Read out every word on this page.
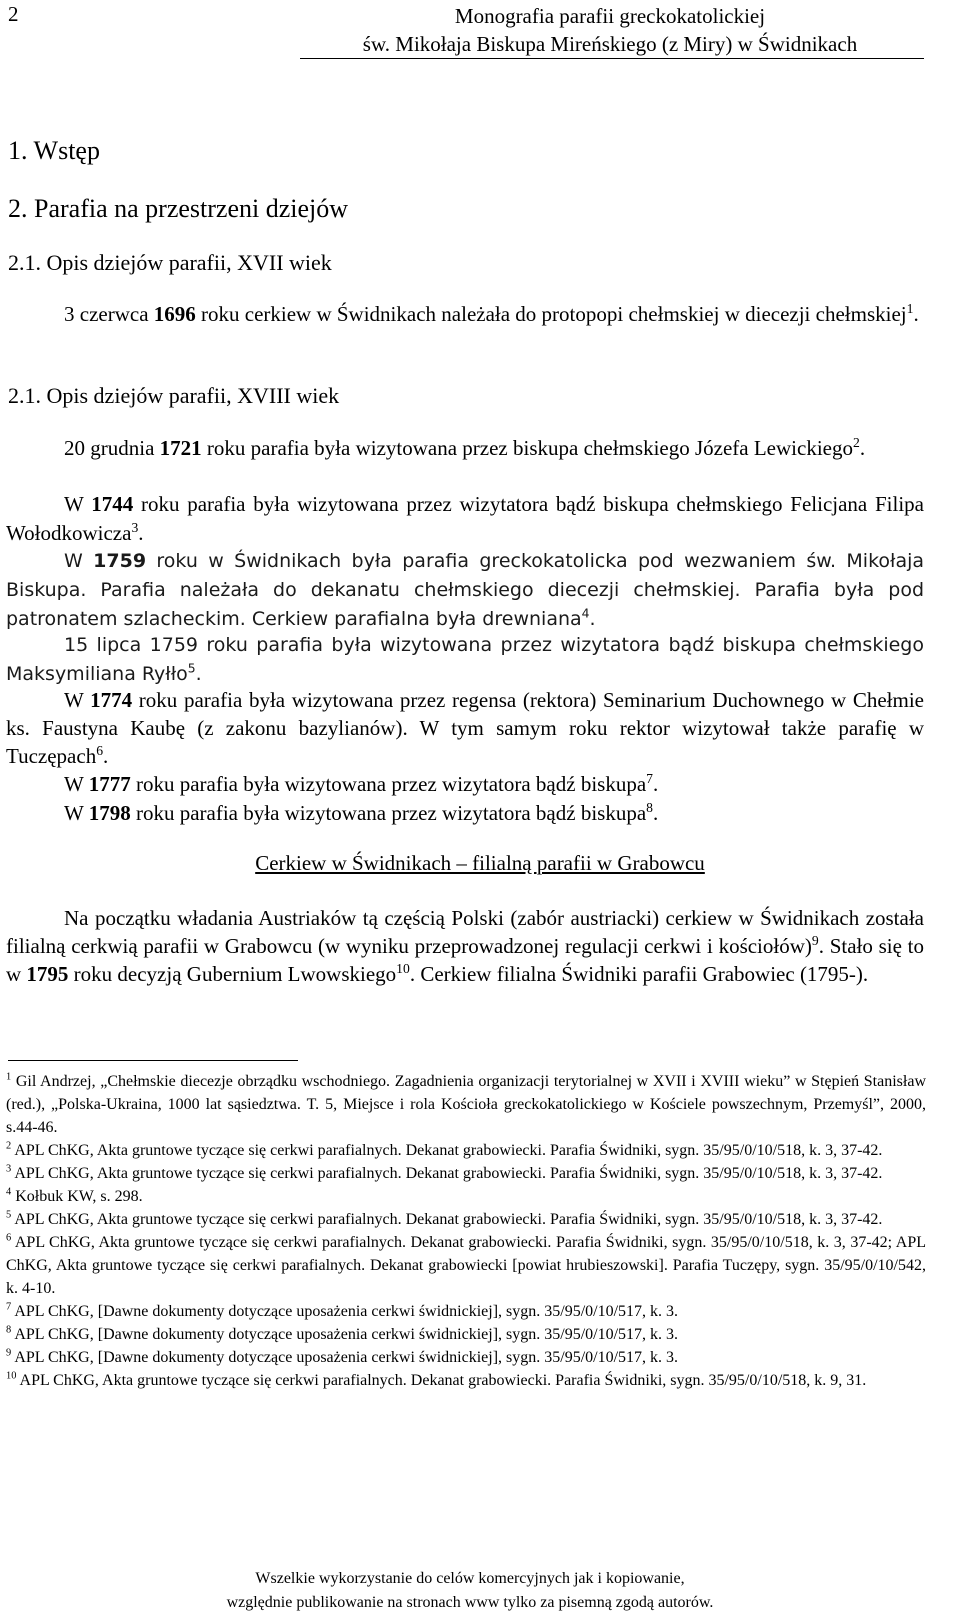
2	Monografia parafii greckokatolickiej
św. Mikołaja Biskupa Mireńskiego (z Miry) w Świdnikach
1. Wstęp
2. Parafia na przestrzeni dziejów
2.1. Opis dziejów parafii, XVII wiek
3 czerwca 1696 roku cerkiew w Świdnikach należała do protopopi chełmskiej w diecezji chełmskiej$^1$.
2.1. Opis dziejów parafii, XVIII wiek
20 grudnia 1721 roku parafia była wizytowana przez biskupa chełmskiego Józefa Lewickiego$^2$.
W 1744 roku parafia była wizytowana przez wizytatora bądź biskupa chełmskiego Felicjana Filipa Wołodkowicza$^3$.
W 1759 roku w Świdnikach była parafia greckokatolicka pod wezwaniem św. Mikołaja Biskupa. Parafia należała do dekanatu chełmskiego diecezji chełmskiej. Parafia była pod patronatem szlacheckim. Cerkiew parafialna była drewniana$^4$.
15 lipca 1759 roku parafia była wizytowana przez wizytatora bądź biskupa chełmskiego Maksymiliana Ryłło$^5$.
W 1774 roku parafia była wizytowana przez regensa (rektora) Seminarium Duchownego w Chełmie ks. Faustyna Kaubę (z zakonu bazylianów). W tym samym roku rektor wizytował także parafię w Tuczępach$^6$.
W 1777 roku parafia była wizytowana przez wizytatora bądź biskupa$^7$.
W 1798 roku parafia była wizytowana przez wizytatora bądź biskupa$^8$.
Cerkiew w Świdnikach – filialną parafii w Grabowcu
Na początku władania Austriaków tą częścią Polski (zabór austriacki) cerkiew w Świdnikach została filialną cerkwią parafii w Grabowcu (w wyniku przeprowadzonej regulacji cerkwi i kościołów)$^9$. Stało się to w 1795 roku decyzją Gubernium Lwowskiego$^{10}$. Cerkiew filialna Świdniki parafii Grabowiec (1795-).

$^1$ Gil Andrzej, „Chełmskie diecezje obrządku wschodniego. Zagadnienia organizacji terytorialnej w XVII i XVIII wieku” w Stępień Stanisław (red.), „Polska-Ukraina, 1000 lat sąsiedztwa. T. 5, Miejsce i rola Kościoła greckokatolickiego w Kościele powszechnym, Przemyśl”, 2000, s.44-46.

$^2$ APL ChKG, Akta gruntowe tyczące się cerkwi parafialnych. Dekanat grabowiecki. Parafia Świdniki, sygn. 35/95/0/10/518, k. 3, 37-42.

$^3$ APL ChKG, Akta gruntowe tyczące się cerkwi parafialnych. Dekanat grabowiecki. Parafia Świdniki, sygn. 35/95/0/10/518, k. 3, 37-42.

$^4$ Kołbuk KW, s. 298.

$^5$ APL ChKG, Akta gruntowe tyczące się cerkwi parafialnych. Dekanat grabowiecki. Parafia Świdniki, sygn. 35/95/0/10/518, k. 3, 37-42.

$^6$ APL ChKG, Akta gruntowe tyczące się cerkwi parafialnych. Dekanat grabowiecki. Parafia Świdniki, sygn. 35/95/0/10/518, k. 3, 37-42; APL ChKG, Akta gruntowe tyczące się cerkwi parafialnych. Dekanat grabowiecki [powiat hrubieszowski]. Parafia Tuczępy, sygn. 35/95/0/10/542, k. 4-10.

$^7$ APL ChKG, [Dawne dokumenty dotyczące uposażenia cerkwi świdnickiej], sygn. 35/95/0/10/517, k. 3.

$^8$ APL ChKG, [Dawne dokumenty dotyczące uposażenia cerkwi świdnickiej], sygn. 35/95/0/10/517, k. 3.

$^9$ APL ChKG, [Dawne dokumenty dotyczące uposażenia cerkwi świdnickiej], sygn. 35/95/0/10/517, k. 3.

$^{10}$ APL ChKG, Akta gruntowe tyczące się cerkwi parafialnych. Dekanat grabowiecki. Parafia Świdniki, sygn. 35/95/0/10/518, k. 9, 31.

Wszelkie wykorzystanie do celów komercyjnych jak i kopiowanie,
względnie publikowanie na stronach www tylko za pisemną zgodą autorów.
